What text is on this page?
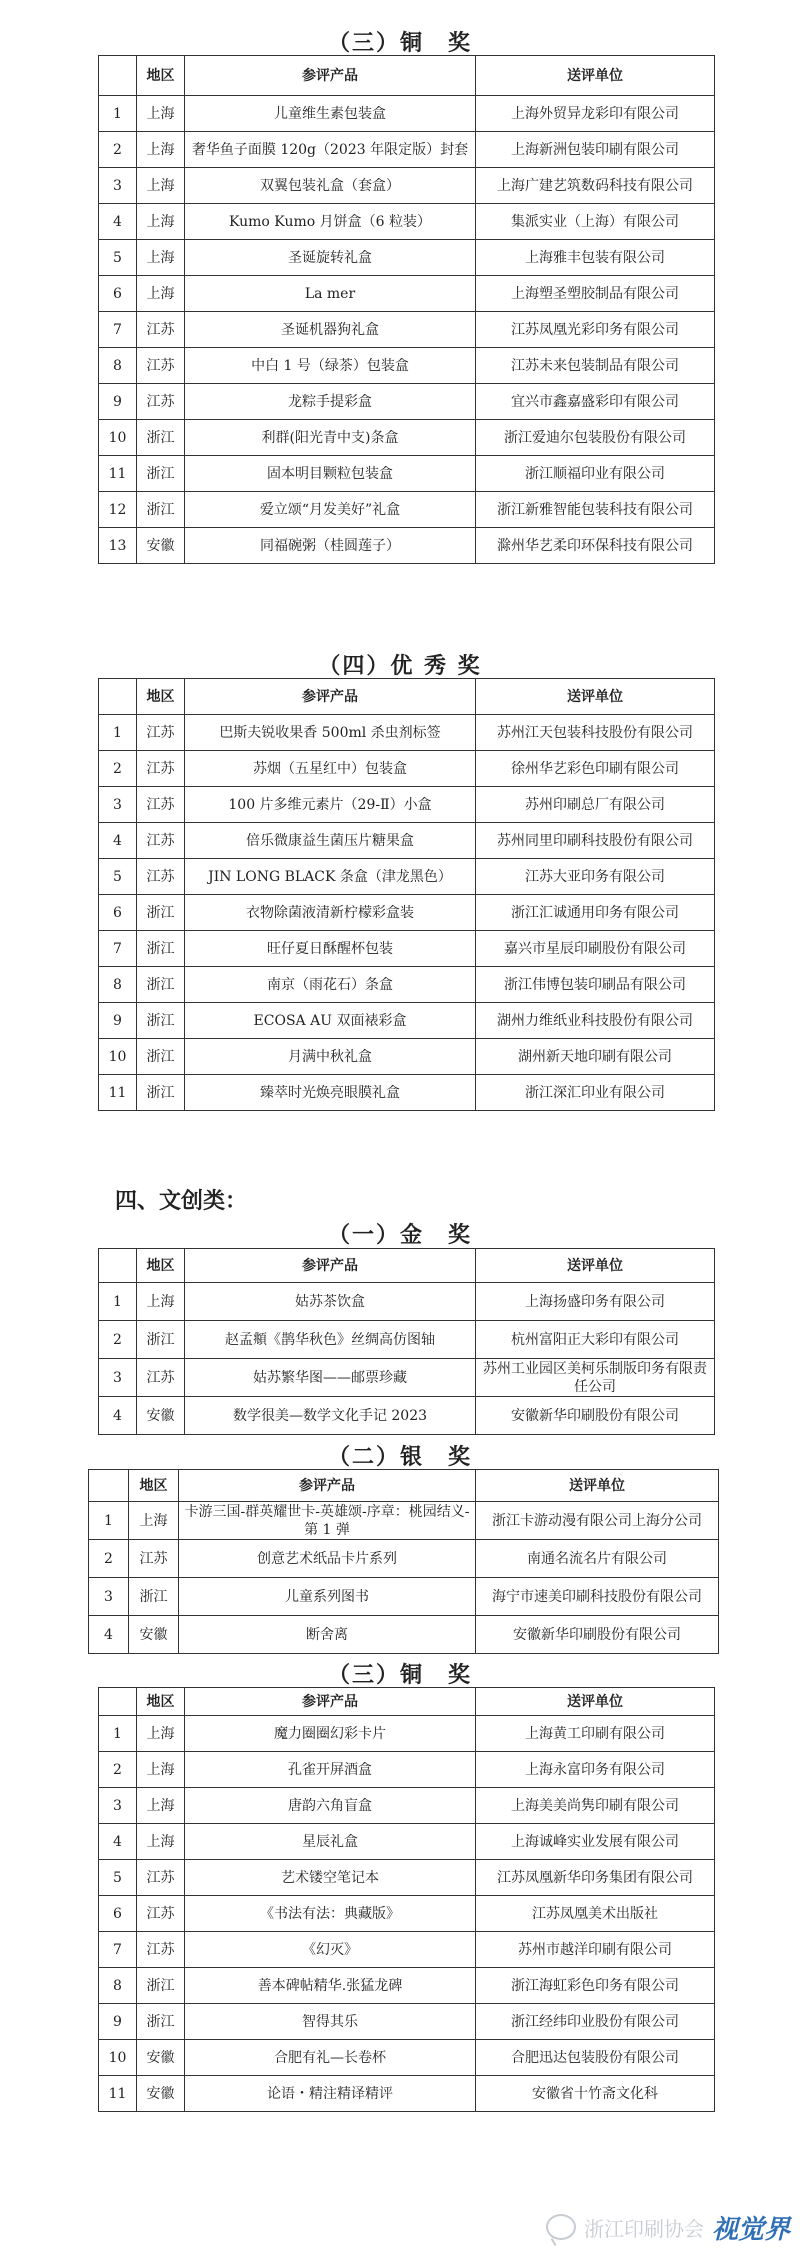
（三）铜　奖
	地区	参评产品	送评单位
1	上海	儿童维生素包装盒	上海外贸异龙彩印有限公司
2	上海	奢华鱼子面膜 120g（2023 年限定版）封套	上海新洲包装印刷有限公司
3	上海	双翼包装礼盒（套盒）	上海广建艺筑数码科技有限公司
4	上海	Kumo Kumo 月饼盒（6 粒装）	集派实业（上海）有限公司
5	上海	圣诞旋转礼盒	上海雅丰包装有限公司
6	上海	La mer	上海塑圣塑胶制品有限公司
7	江苏	圣诞机器狗礼盒	江苏凤凰光彩印务有限公司
8	江苏	中白 1 号（绿茶）包装盒	江苏未来包装制品有限公司
9	江苏	龙粽手提彩盒	宜兴市鑫嘉盛彩印有限公司
10	浙江	利群(阳光青中支)条盒	浙江爱迪尔包装股份有限公司
11	浙江	固本明目颗粒包装盒	浙江顺福印业有限公司
12	浙江	爱立颂“月发美好”礼盒	浙江新雅智能包装科技有限公司
13	安徽	同福碗粥（桂圆莲子）	滁州华艺柔印环保科技有限公司
（四）优 秀 奖
	地区	参评产品	送评单位
1	江苏	巴斯夫锐收果香 500ml 杀虫剂标签	苏州江天包装科技股份有限公司
2	江苏	苏烟（五星红中）包装盒	徐州华艺彩色印刷有限公司
3	江苏	100 片多维元素片（29-Ⅱ）小盒	苏州印刷总厂有限公司
4	江苏	倍乐微康益生菌压片糖果盒	苏州同里印刷科技股份有限公司
5	江苏	JIN LONG BLACK 条盒（津龙黑色）	江苏大亚印务有限公司
6	浙江	衣物除菌液清新柠檬彩盒装	浙江汇诚通用印务有限公司
7	浙江	旺仔夏日酥醒杯包装	嘉兴市星辰印刷股份有限公司
8	浙江	南京（雨花石）条盒	浙江伟博包装印刷品有限公司
9	浙江	ECOSA AU 双面裱彩盒	湖州力维纸业科技股份有限公司
10	浙江	月满中秋礼盒	湖州新天地印刷有限公司
11	浙江	臻萃时光焕亮眼膜礼盒	浙江深汇印业有限公司
四、文创类：
（一）金　奖
	地区	参评产品	送评单位
1	上海	姑苏茶饮盒	上海扬盛印务有限公司
2	浙江	赵孟頫《鹊华秋色》丝绸高仿图轴	杭州富阳正大彩印有限公司
3	江苏	姑苏繁华图——邮票珍藏	苏州工业园区美柯乐制版印务有限责任公司
4	安徽	数学很美—数学文化手记 2023	安徽新华印刷股份有限公司
（二）银　奖
	地区	参评产品	送评单位
1	上海	卡游三国-群英耀世卡-英雄颂-序章：桃园结义-第 1 弹	浙江卡游动漫有限公司上海分公司
2	江苏	创意艺术纸品卡片系列	南通名流名片有限公司
3	浙江	儿童系列图书	海宁市速美印刷科技股份有限公司
4	安徽	断舍离	安徽新华印刷股份有限公司
（三）铜　奖
	地区	参评产品	送评单位
1	上海	魔力圈圈幻彩卡片	上海黄工印刷有限公司
2	上海	孔雀开屏酒盒	上海永富印务有限公司
3	上海	唐韵六角盲盒	上海美美尚隽印刷有限公司
4	上海	星辰礼盒	上海诚峰实业发展有限公司
5	江苏	艺术镂空笔记本	江苏凤凰新华印务集团有限公司
6	江苏	《书法有法：典藏版》	江苏凤凰美术出版社
7	江苏	《幻灭》	苏州市越洋印刷有限公司
8	浙江	善本碑帖精华.张猛龙碑	浙江海虹彩色印务有限公司
9	浙江	智得其乐	浙江经纬印业股份有限公司
10	安徽	合肥有礼—长卷杯	合肥迅达包装股份有限公司
11	安徽	论语・精注精译精评	安徽省十竹斋文化科
浙江印刷协会 视觉界
